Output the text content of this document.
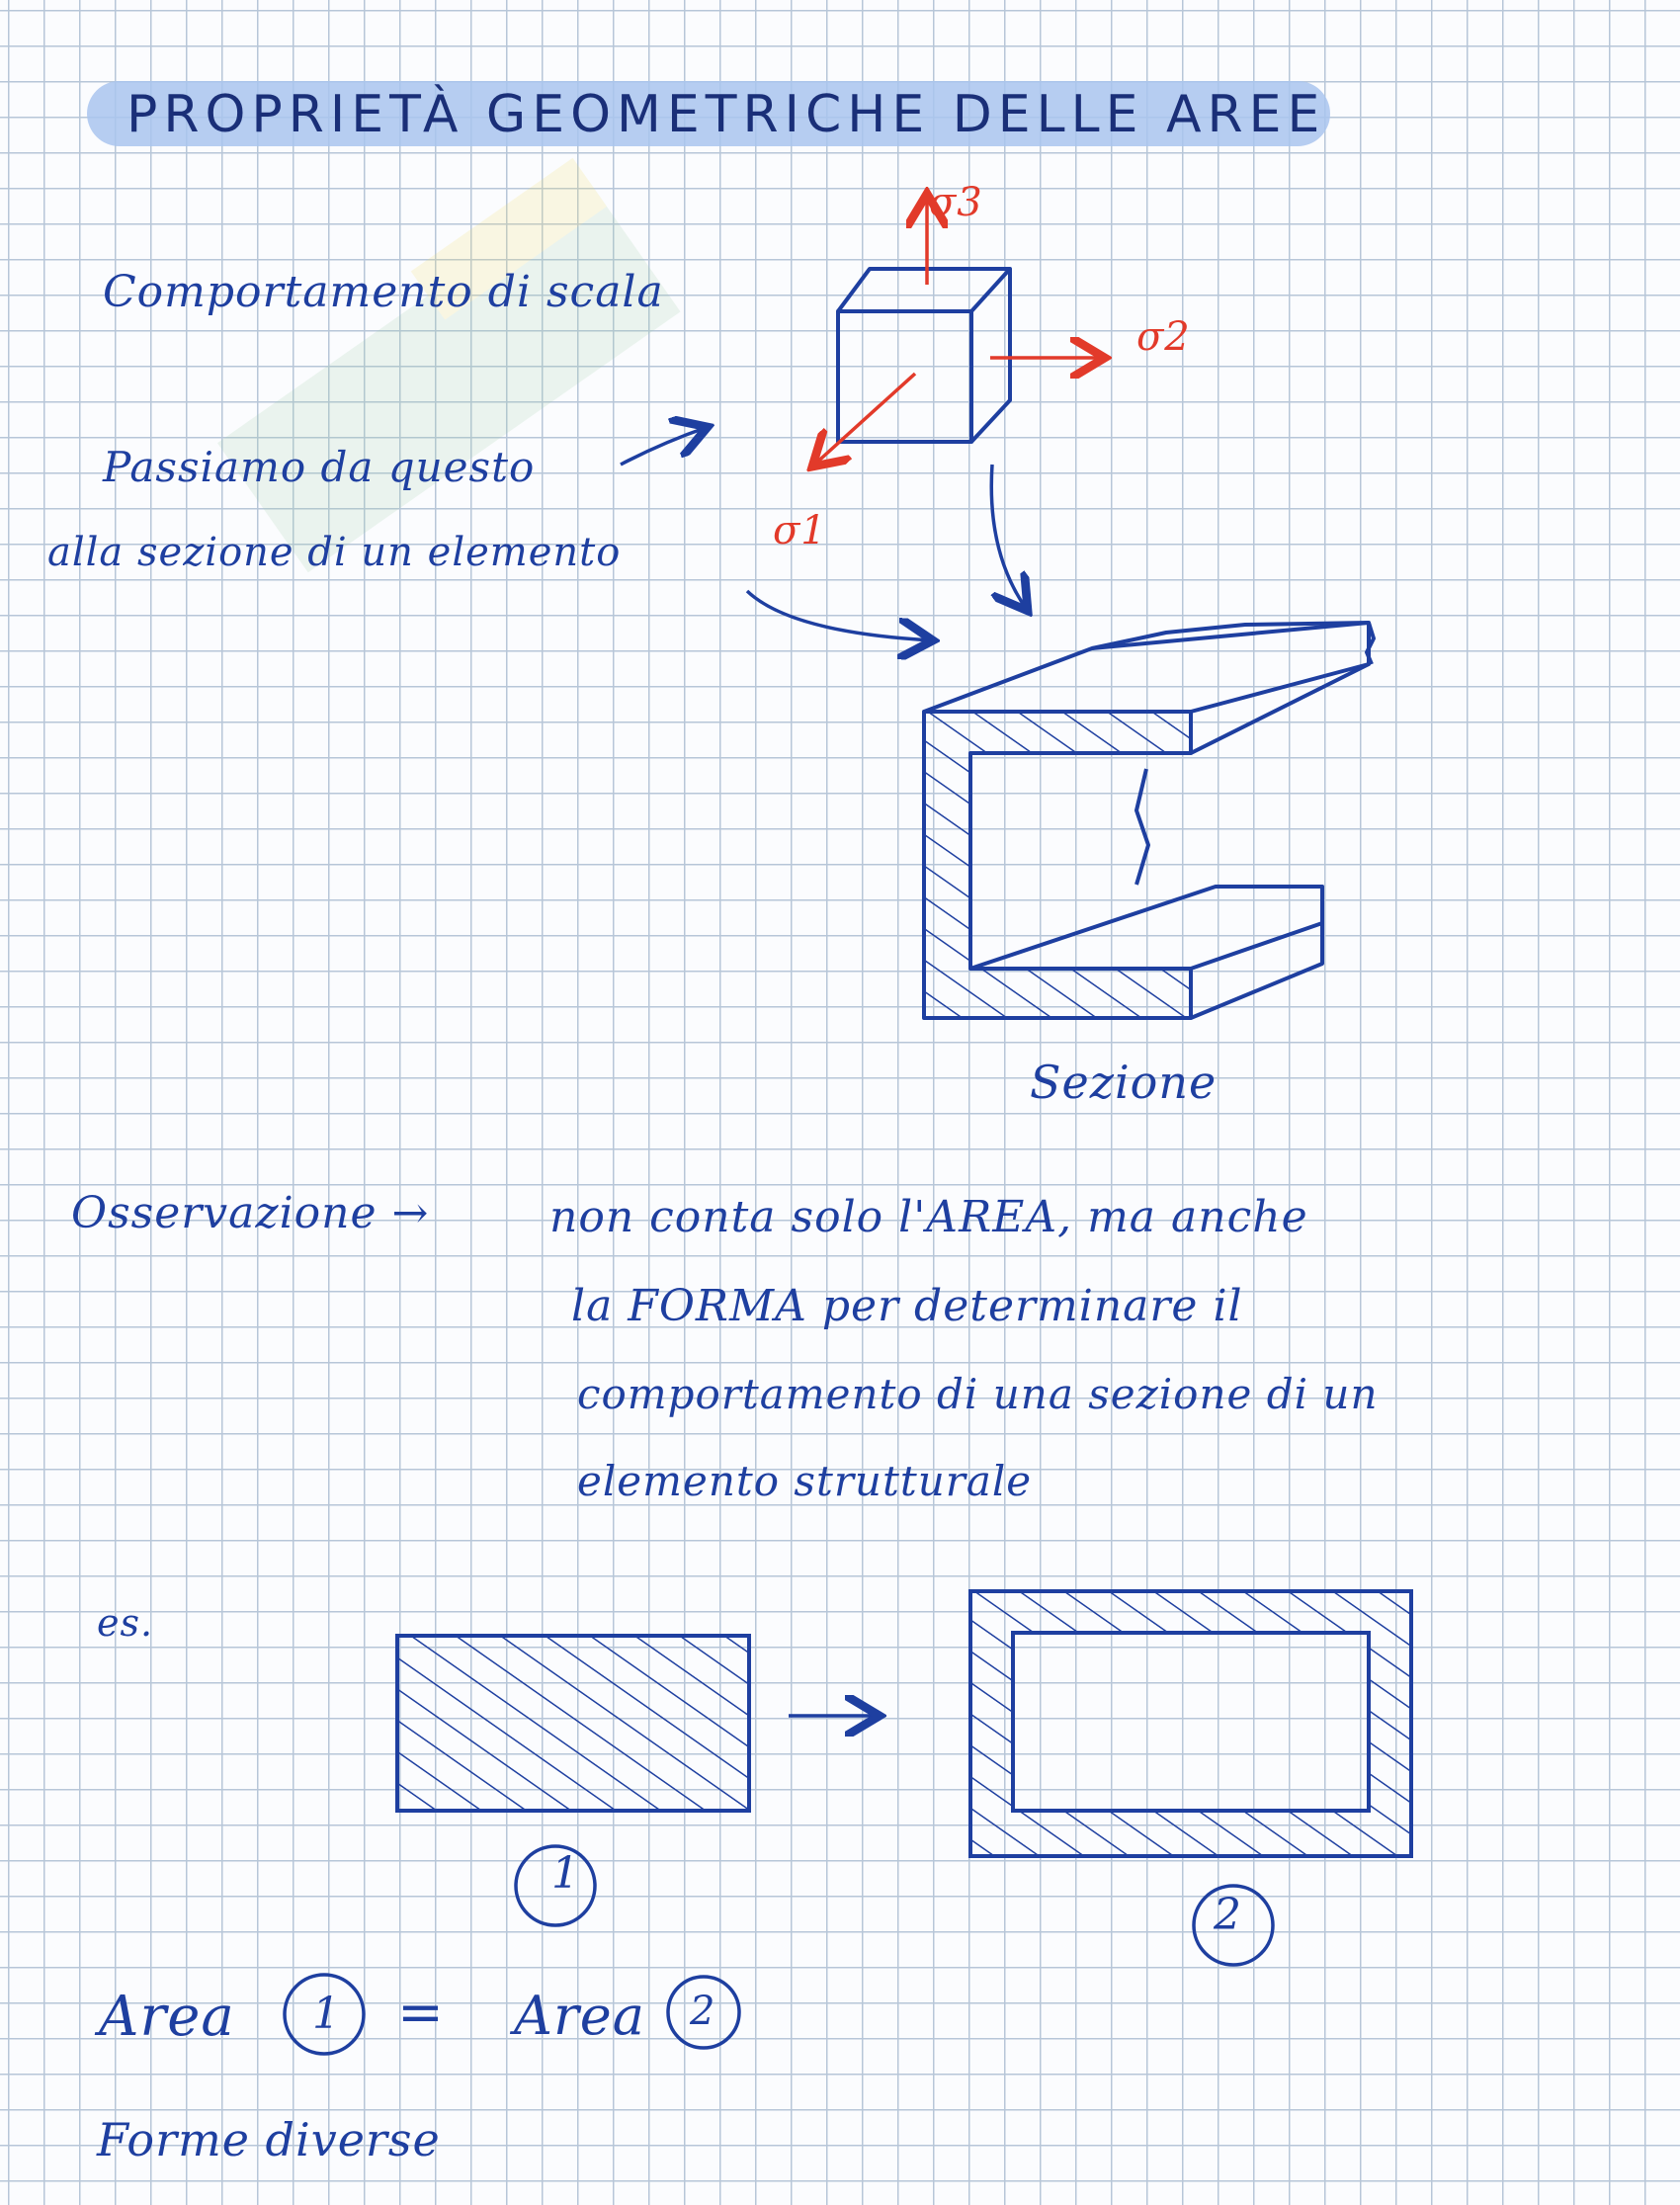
PROPRIETÀ GEOMETRICHE DELLE AREE
Comportamento di scala
Passiamo da questo
alla sezione di un elemento
σ3
σ2
σ1
Sezione
Osservazione →	non conta solo l'AREA, ma anche
la FORMA per determinare il
comportamento di una sezione di un
elemento strutturale
es.
1
2
Area 1 = Area 2
Forme diverse
